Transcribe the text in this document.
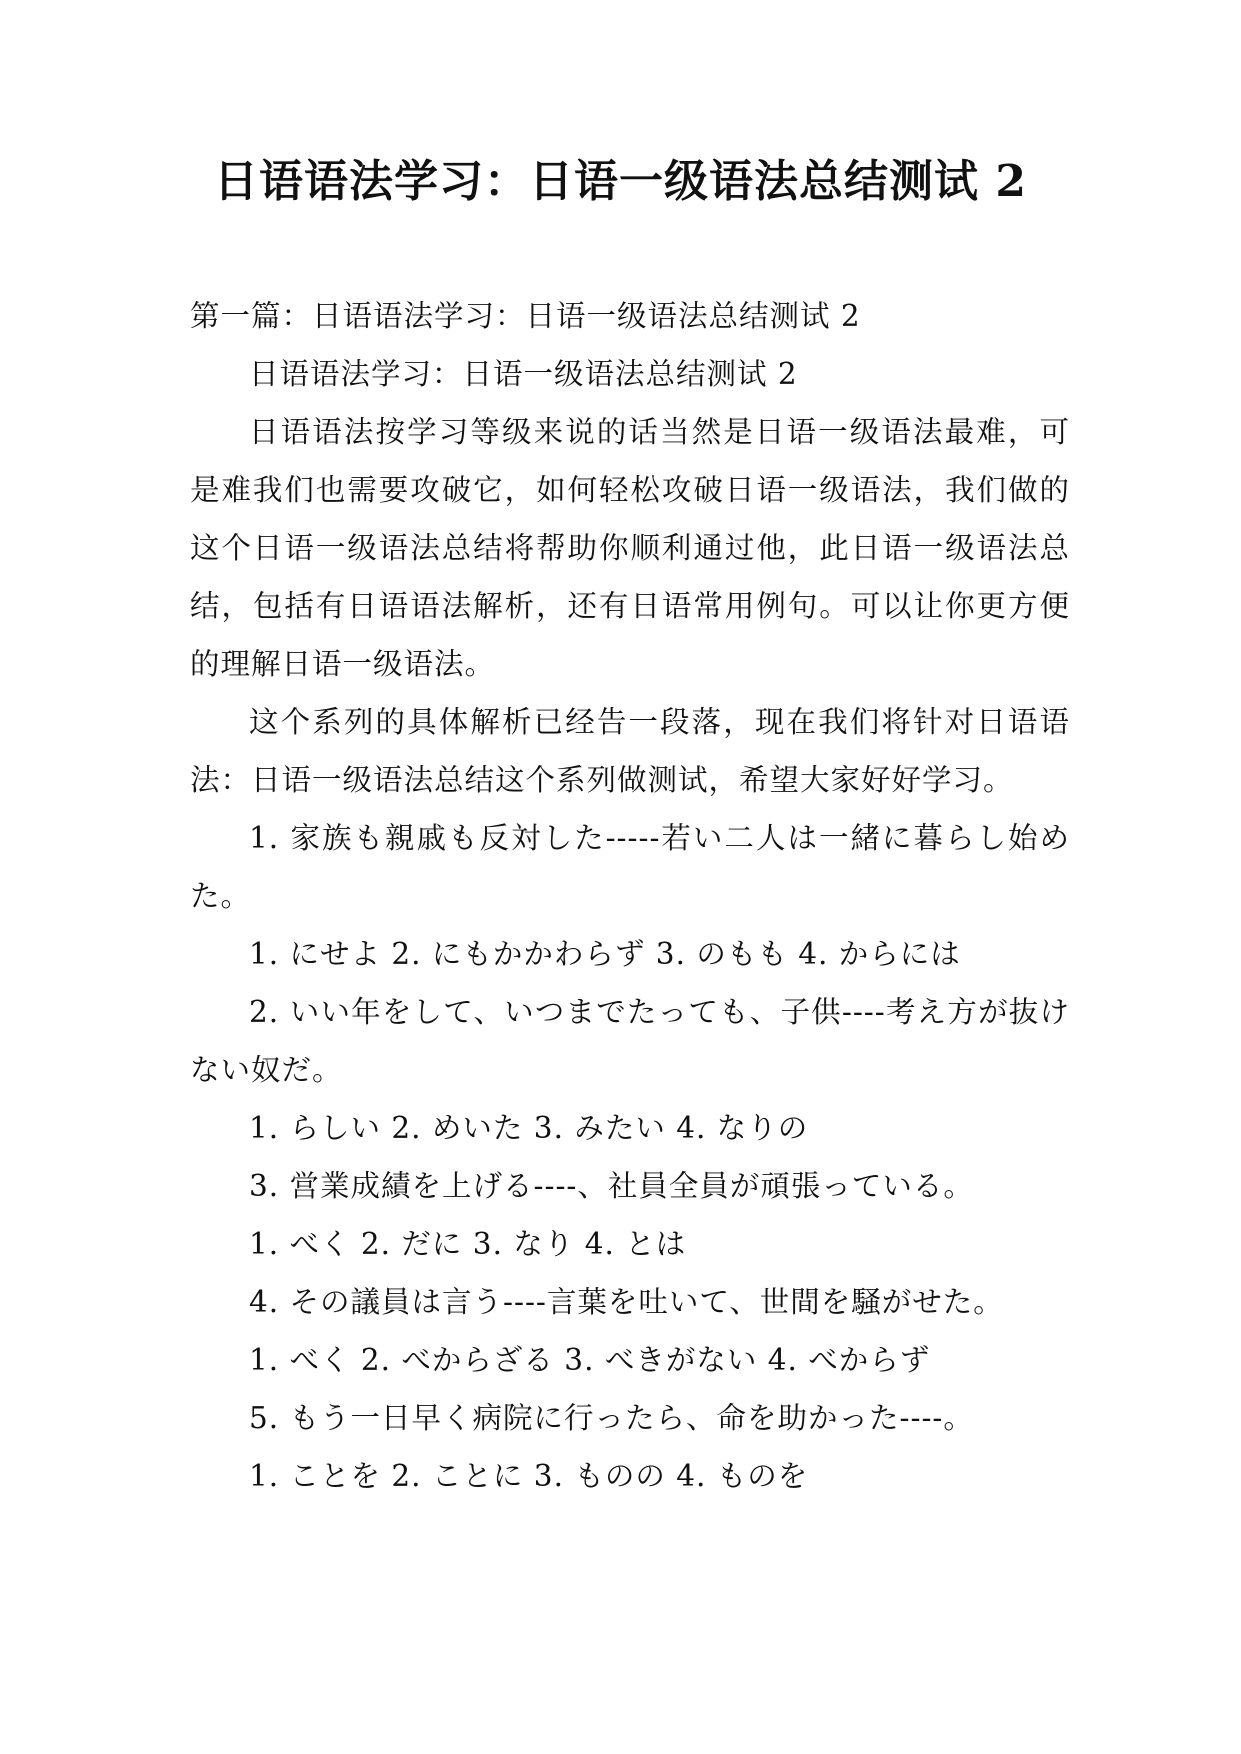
日语语法学习：日语一级语法总结测试 2

第一篇：日语语法学习：日语一级语法总结测试 2

日语语法学习：日语一级语法总结测试 2

日语语法按学习等级来说的话当然是日语一级语法最难，可是难我们也需要攻破它，如何轻松攻破日语一级语法，我们做的这个日语一级语法总结将帮助你顺利通过他，此日语一级语法总结，包括有日语语法解析，还有日语常用例句。可以让你更方便的理解日语一级语法。

这个系列的具体解析已经告一段落，现在我们将针对日语语法：日语一级语法总结这个系列做测试，希望大家好好学习。

1. 家族も親戚も反対した-----若い二人は一緒に暮らし始めた。

1. にせよ 2. にもかかわらず 3. のもも 4. からには

2. いい年をして、いつまでたっても、子供----考え方が抜けない奴だ。

1. らしい 2. めいた 3. みたい 4. なりの

3. 営業成績を上げる----、社員全員が頑張っている。

1. べく 2. だに 3. なり 4. とは

4. その議員は言う----言葉を吐いて、世間を騒がせた。

1. べく 2. べからざる 3. べきがない 4. べからず

5. もう一日早く病院に行ったら、命を助かった----。

1. ことを 2. ことに 3. ものの 4. ものを
